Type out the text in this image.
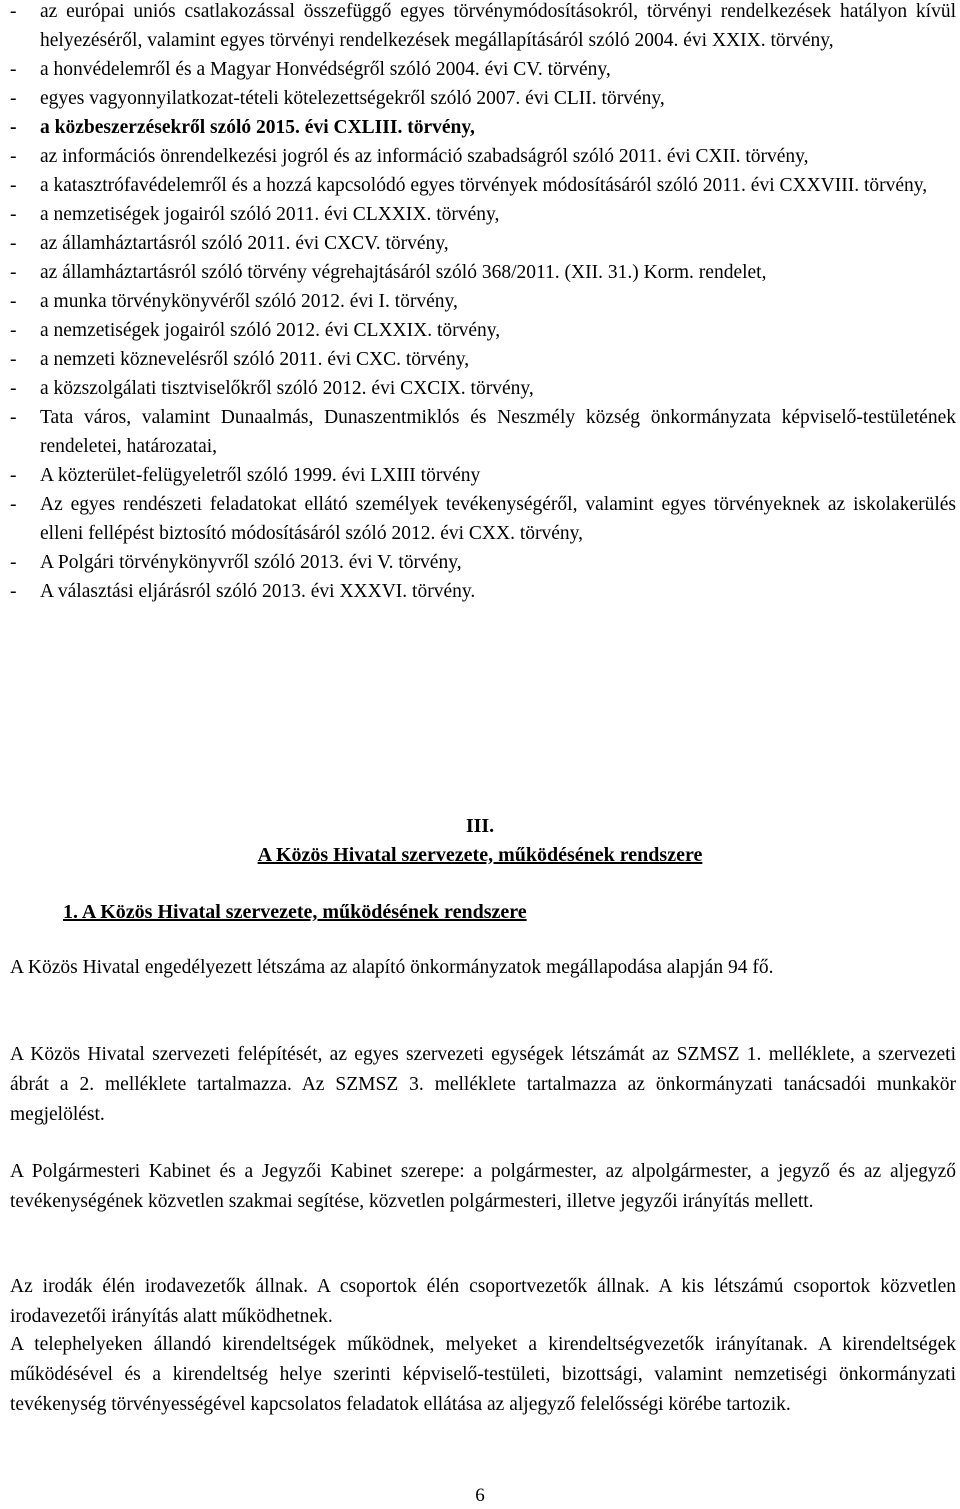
- az európai uniós csatlakozással összefüggő egyes törvénymódosításokról, törvényi rendelkezések hatályon kívül helyezéséről, valamint egyes törvényi rendelkezések megállapításáról szóló 2004. évi XXIX. törvény,
- a honvédelemről és a Magyar Honvédségről szóló 2004. évi CV. törvény,
- egyes vagyonnyilatkozat-tételi kötelezettségekről szóló 2007. évi CLII. törvény,
- a közbeszerzésekről szóló 2015. évi CXLIII. törvény,
- az információs önrendelkezési jogról és az információ szabadságról szóló 2011. évi CXII. törvény,
- a katasztrófavédelemről és a hozzá kapcsolódó egyes törvények módosításáról szóló 2011. évi CXXVIII. törvény,
- a nemzetiségek jogairól szóló 2011. évi CLXXIX. törvény,
- az államháztartásról szóló 2011. évi CXCV. törvény,
- az államháztartásról szóló törvény végrehajtásáról szóló 368/2011. (XII. 31.) Korm. rendelet,
- a munka törvénykönyvéről szóló 2012. évi I. törvény,
- a nemzetiségek jogairól szóló 2012. évi CLXXIX. törvény,
- a nemzeti köznevelésről szóló 2011. évi CXC. törvény,
- a közszolgálati tisztviselőkről szóló 2012. évi CXCIX. törvény,
- Tata város, valamint Dunaalmás, Dunaszentmiklós és Neszmély község önkormányzata képviselő-testületének rendeletei, határozatai,
- A közterület-felügyeletről szóló 1999. évi LXIII törvény
- Az egyes rendészeti feladatokat ellátó személyek tevékenységéről, valamint egyes törvényeknek az iskolakerülés elleni fellépést biztosító módosításáról szóló 2012. évi CXX. törvény,
- A Polgári törvénykönyvről szóló 2013. évi V. törvény,
- A választási eljárásról szóló 2013. évi XXXVI. törvény.
III.
A Közös Hivatal szervezete, működésének rendszere
1. A Közös Hivatal szervezete, működésének rendszere
A Közös Hivatal engedélyezett létszáma az alapító önkormányzatok megállapodása alapján 94 fő.
A Közös Hivatal szervezeti felépítését, az egyes szervezeti egységek létszámát az SZMSZ 1. melléklete, a szervezeti ábrát a 2. melléklete tartalmazza. Az SZMSZ 3. melléklete tartalmazza az önkormányzati tanácsadói munkakör megjelölést.
A Polgármesteri Kabinet és a Jegyzői Kabinet szerepe: a polgármester, az alpolgármester, a jegyző és az aljegyző tevékenységének közvetlen szakmai segítése, közvetlen polgármesteri, illetve jegyzői irányítás mellett.
Az irodák élén irodavezetők állnak. A csoportok élén csoportvezetők állnak. A kis létszámú csoportok közvetlen irodavezetői irányítás alatt működhetnek.
A telephelyeken állandó kirendeltségek működnek, melyeket a kirendeltségvezetők irányítanak. A kirendeltségek működésével és a kirendeltség helye szerinti képviselő-testületi, bizottsági, valamint nemzetiségi önkormányzati tevékenység törvényességével kapcsolatos feladatok ellátása az aljegyző felelősségi körébe tartozik.
6
